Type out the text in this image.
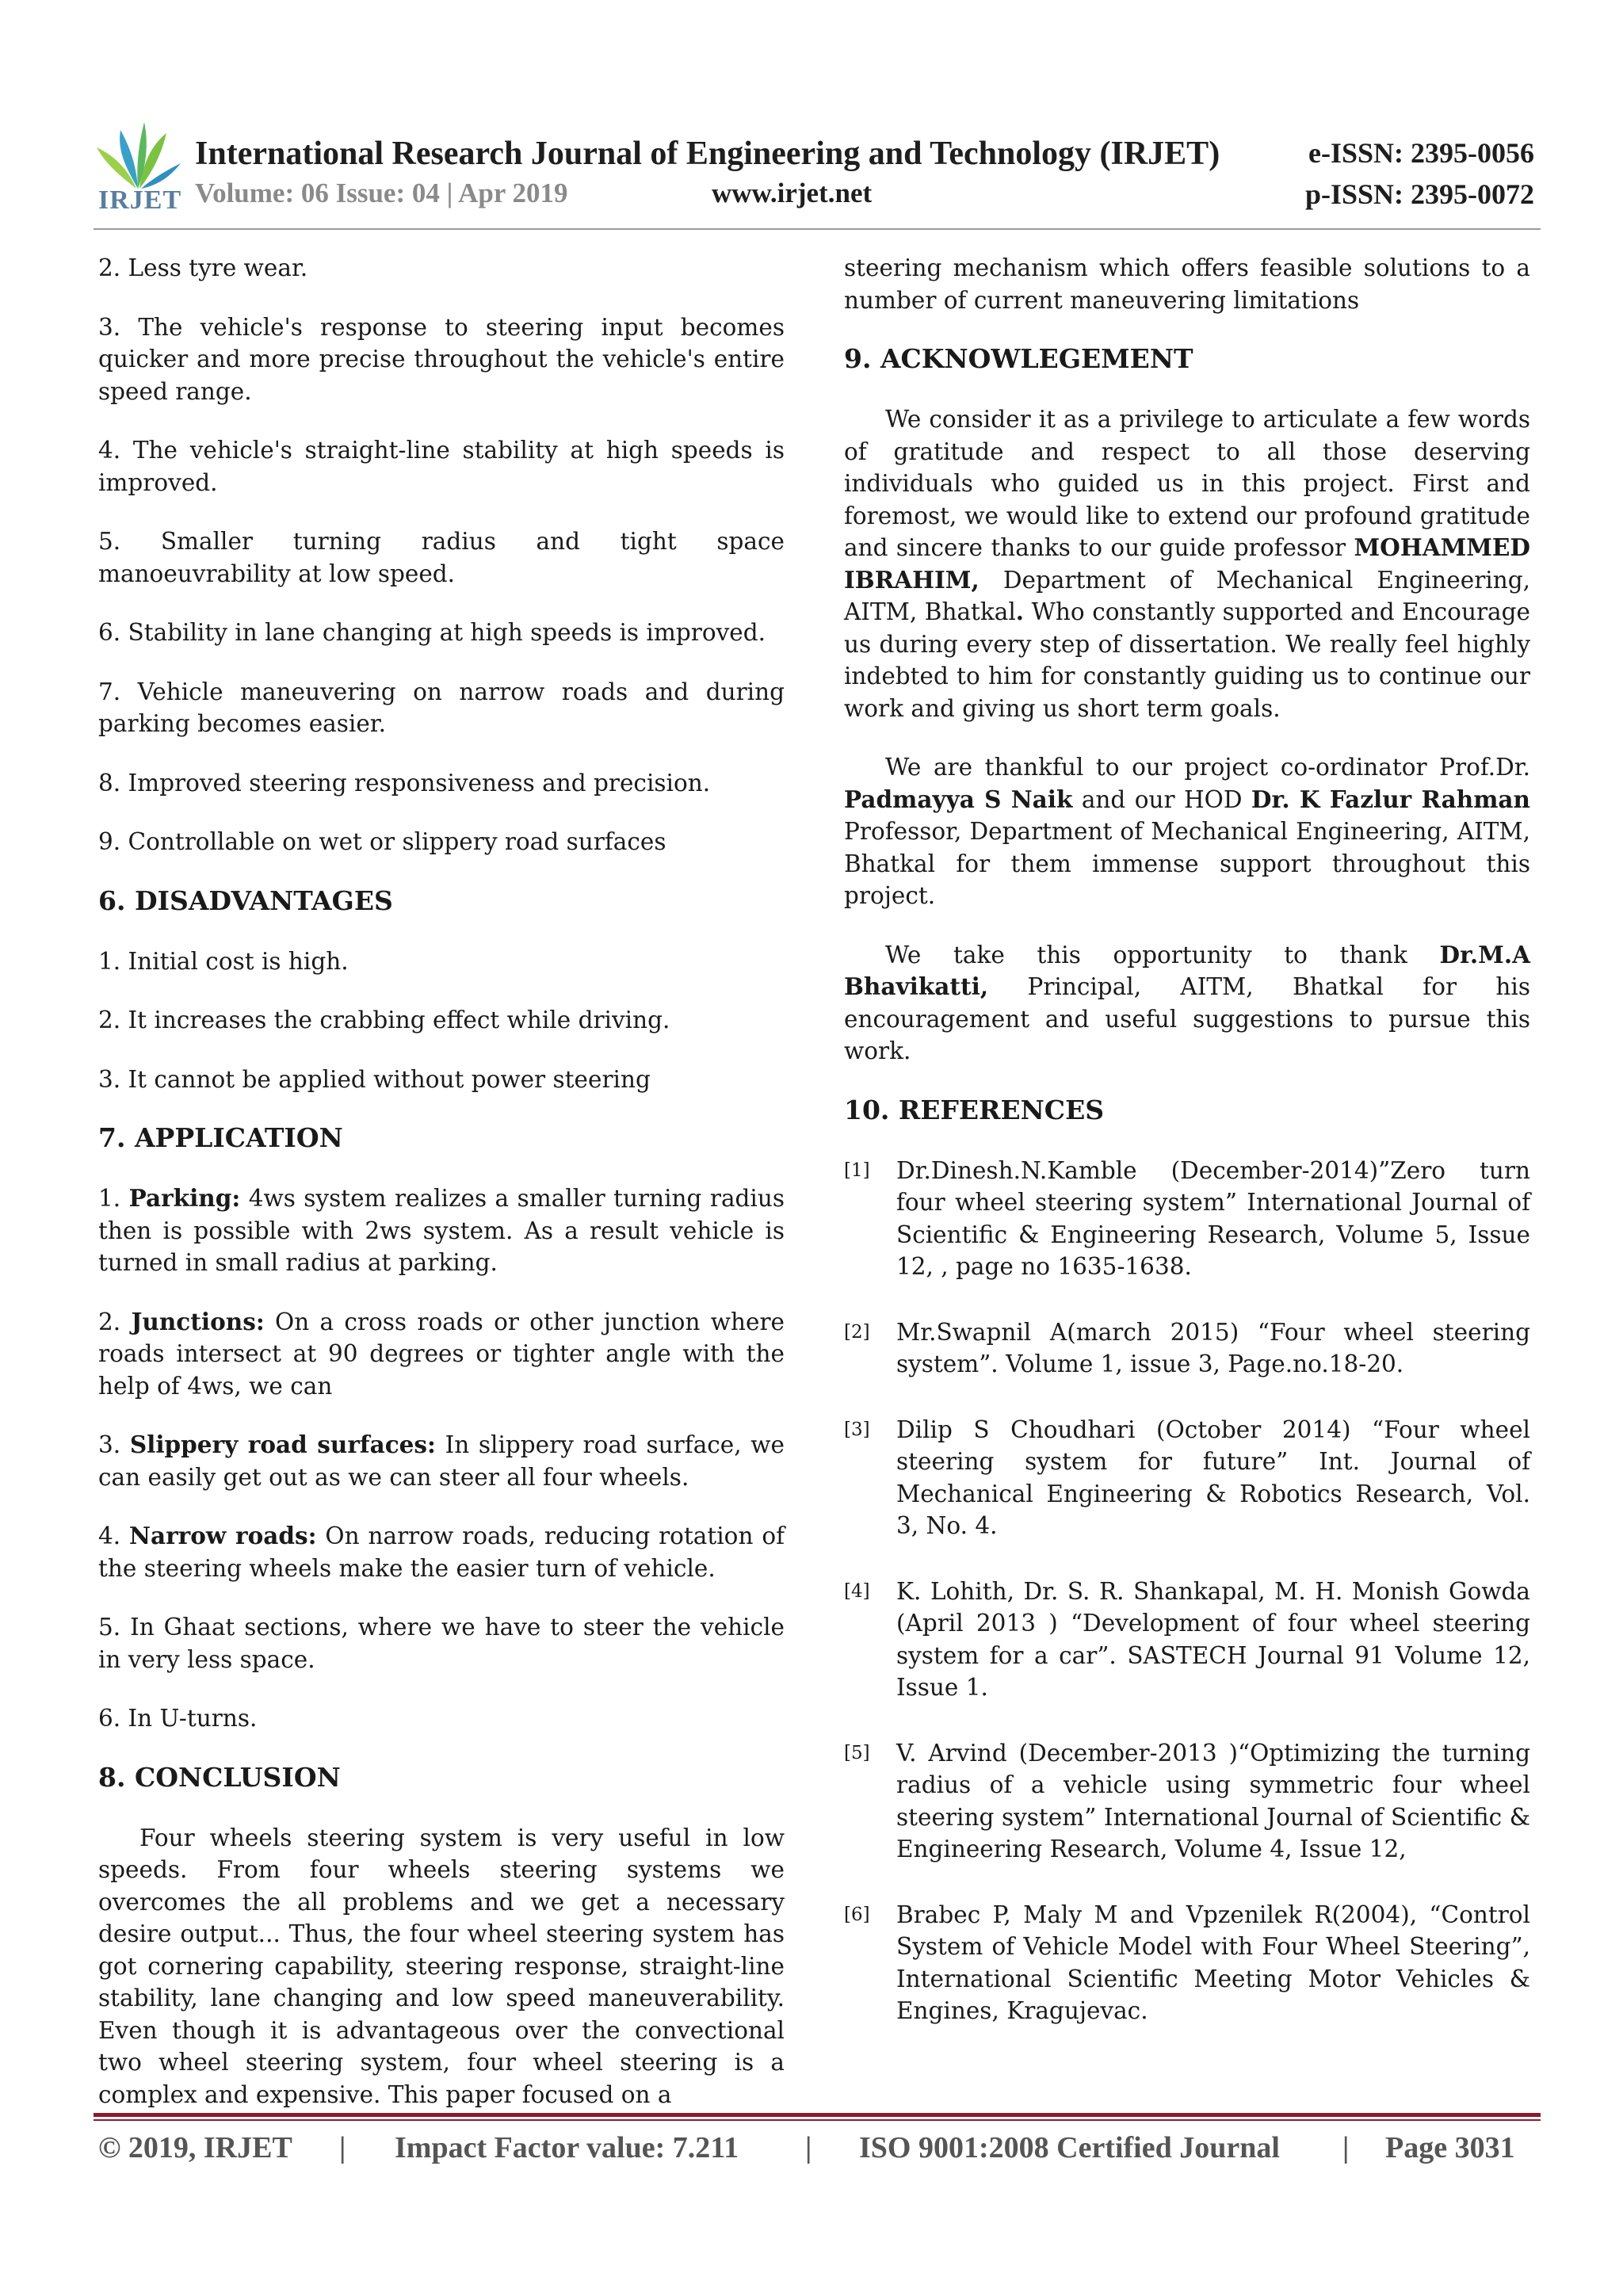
IRJET
International Research Journal of Engineering and Technology (IRJET)
Volume: 06 Issue: 04 | Apr 2019	www.irjet.net
e-ISSN: 2395-0056
p-ISSN: 2395-0072

2. Less tyre wear.

3. The vehicle's response to steering input becomes quicker and more precise throughout the vehicle's entire speed range.

4. The vehicle's straight-line stability at high speeds is improved.

5. Smaller turning radius and tight space manoeuvrability at low speed.

6. Stability in lane changing at high speeds is improved.

7. Vehicle maneuvering on narrow roads and during parking becomes easier.

8. Improved steering responsiveness and precision.

9. Controllable on wet or slippery road surfaces

6. DISADVANTAGES

1. Initial cost is high.

2. It increases the crabbing effect while driving.

3. It cannot be applied without power steering

7. APPLICATION

1. Parking: 4ws system realizes a smaller turning radius then is possible with 2ws system. As a result vehicle is turned in small radius at parking.

2. Junctions: On a cross roads or other junction where roads intersect at 90 degrees or tighter angle with the help of 4ws, we can

3. Slippery road surfaces: In slippery road surface, we can easily get out as we can steer all four wheels.

4. Narrow roads: On narrow roads, reducing rotation of the steering wheels make the easier turn of vehicle.

5. In Ghaat sections, where we have to steer the vehicle in very less space.

6. In U-turns.

8. CONCLUSION

Four wheels steering system is very useful in low speeds. From four wheels steering systems we overcomes the all problems and we get a necessary desire output... Thus, the four wheel steering system has got cornering capability, steering response, straight-line stability, lane changing and low speed maneuverability. Even though it is advantageous over the convectional two wheel steering system, four wheel steering is a complex and expensive. This paper focused on a

steering mechanism which offers feasible solutions to a number of current maneuvering limitations

9. ACKNOWLEGEMENT

We consider it as a privilege to articulate a few words of gratitude and respect to all those deserving individuals who guided us in this project. First and foremost, we would like to extend our profound gratitude and sincere thanks to our guide professor MOHAMMED IBRAHIM, Department of Mechanical Engineering, AITM, Bhatkal. Who constantly supported and Encourage us during every step of dissertation. We really feel highly indebted to him for constantly guiding us to continue our work and giving us short term goals.

We are thankful to our project co-ordinator Prof.Dr. Padmayya S Naik and our HOD Dr. K Fazlur Rahman Professor, Department of Mechanical Engineering, AITM, Bhatkal for them immense support throughout this project.

We take this opportunity to thank Dr.M.A Bhavikatti, Principal, AITM, Bhatkal for his encouragement and useful suggestions to pursue this work.

10. REFERENCES
[1]	Dr.Dinesh.N.Kamble (December-2014)”Zero turn four wheel steering system” International Journal of Scientific & Engineering Research, Volume 5, Issue 12, , page no 1635-1638.
[2]	Mr.Swapnil A(march 2015) “Four wheel steering system”. Volume 1, issue 3, Page.no.18-20.
[3]	Dilip S Choudhari (October 2014) “Four wheel steering system for future” Int. Journal of Mechanical Engineering & Robotics Research, Vol. 3, No. 4.
[4]	K. Lohith, Dr. S. R. Shankapal, M. H. Monish Gowda (April 2013 ) “Development of four wheel steering system for a car”. SASTECH Journal 91 Volume 12, Issue 1.
[5]	V. Arvind (December-2013 )“Optimizing the turning radius of a vehicle using symmetric four wheel steering system” International Journal of Scientific & Engineering Research, Volume 4, Issue 12,
[6]	Brabec P, Maly M and Vpzenilek R(2004), “Control System of Vehicle Model with Four Wheel Steering”, International Scientific Meeting Motor Vehicles & Engines, Kragujevac.
© 2019, IRJET | Impact Factor value: 7.211 | ISO 9001:2008 Certified Journal | Page 3031
